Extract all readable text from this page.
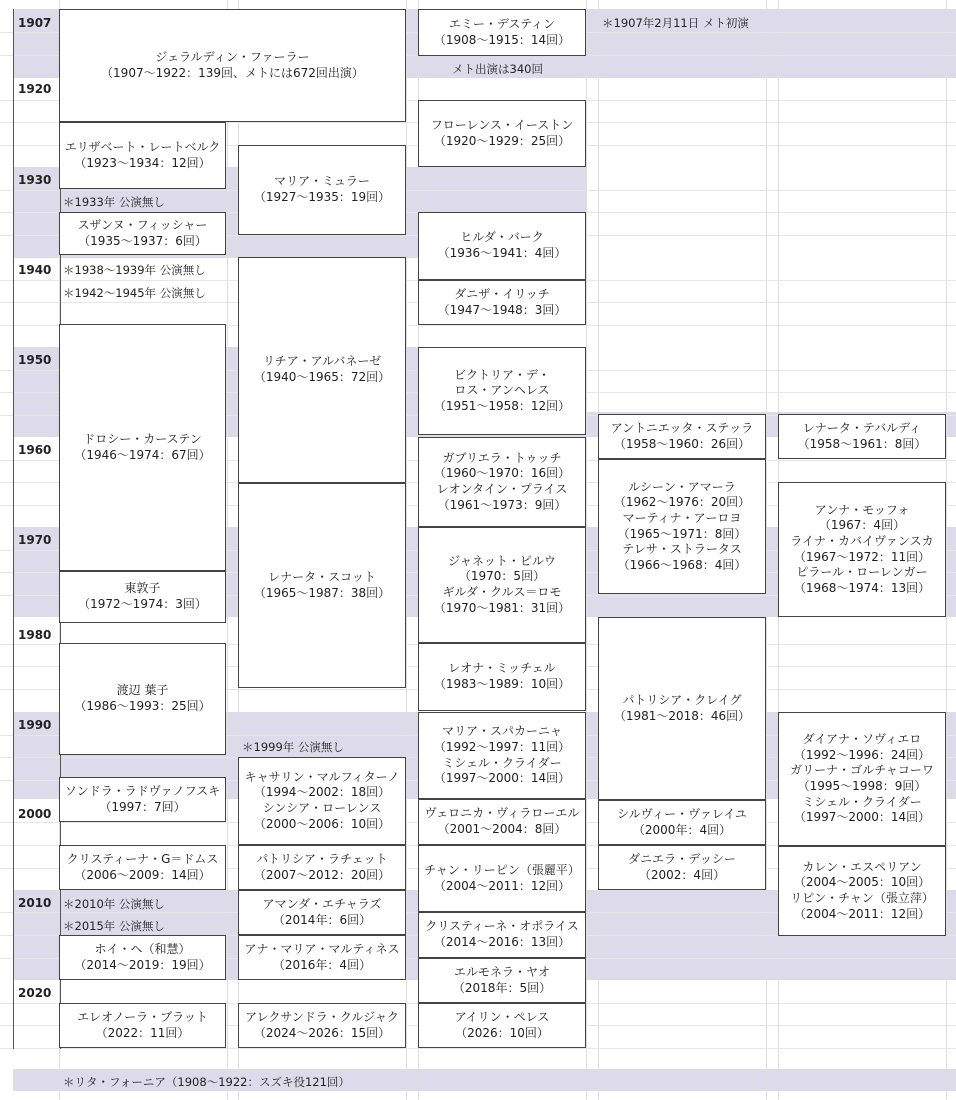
1907
1920
1930
1940
1950
1960
1970
1980
1990
2000
2010
2020
ジェラルディン・ファーラー
（1907〜1922：139回、メトには672回出演）
エリザベート・レートベルク
（1923〜1934：12回）
スザンヌ・フィッシャー
（1935〜1937：6回）
ドロシー・カーステン
（1946〜1974：67回）
東敦子
（1972〜1974：3回）
渡辺 葉子
（1986〜1993：25回）
ソンドラ・ラドヴァノフスキ
（1997：7回）
クリスティーナ・G＝ドムス
（2006〜2009：14回）
ホイ・ヘ（和慧）
（2014〜2019：19回）
エレオノーラ・ブラット
（2022：11回）
マリア・ミュラー
（1927〜1935：19回）
リチア・アルバネーゼ
（1940〜1965：72回）
レナータ・スコット
（1965〜1987：38回）
キャサリン・マルフィターノ
（1994〜2002：18回）
シンシア・ローレンス
（2000〜2006：10回）
パトリシア・ラチェット
（2007〜2012：20回）
アマンダ・エチャラズ
（2014年：6回）
アナ・マリア・マルティネス
（2016年：4回）
アレクサンドラ・クルジャク
（2024〜2026：15回）
エミー・デスティン
（1908〜1915：14回）
フローレンス・イーストン
（1920〜1929：25回）
ヒルダ・バーク
（1936〜1941：4回）
ダニザ・イリッチ
（1947〜1948：3回）
ビクトリア・デ・
ロス・アンヘレス
（1951〜1958：12回）
ガブリエラ・トゥッチ
（1960〜1970：16回）
レオンタイン・プライス
（1961〜1973：9回）
ジャネット・ピルウ
（1970：5回）
ギルダ・クルス＝ロモ
（1970〜1981：31回）
レオナ・ミッチェル
（1983〜1989：10回）
マリア・スパカーニャ
（1992〜1997：11回）
ミシェル・クライダー
（1997〜2000：14回）
ヴェロニカ・ヴィラローエル
（2001〜2004：8回）
チャン・リーピン（張麗平）
（2004〜2011：12回）
クリスティーネ・オポライス
（2014〜2016：13回）
エルモネラ・ヤオ
（2018年：5回）
アイリン・ペレス
（2026：10回）
アントニエッタ・ステッラ
（1958〜1960：26回）
ルシーン・アマーラ
（1962〜1976：20回）
マーティナ・アーロヨ
（1965〜1971：8回）
テレサ・ストラータス
（1966〜1968：4回）
パトリシア・クレイグ
（1981〜2018：46回）
シルヴィー・ヴァレイユ
（2000年：4回）
ダニエラ・デッシー
（2002：4回）
レナータ・テバルディ
（1958〜1961：8回）
アンナ・モッフォ
（1967：4回）
ライナ・カバイヴァンスカ
（1967〜1972：11回）
ピラール・ローレンガー
（1968〜1974：13回）
ダイアナ・ソヴィエロ
（1992〜1996：24回）
ガリーナ・ゴルチャコーワ
（1995〜1998：9回）
ミシェル・クライダー
（1997〜2000：14回）
カレン・エスペリアン
（2004〜2005：10回）
リピン・チャン（張立萍）
（2004〜2011：12回）
＊1907年2月11日 メト初演
メト出演は340回
＊1933年 公演無し
＊1938〜1939年 公演無し
＊1942〜1945年 公演無し
＊1999年 公演無し
＊2010年 公演無し
＊2015年 公演無し
＊リタ・フォーニア（1908〜1922：スズキ役121回）
